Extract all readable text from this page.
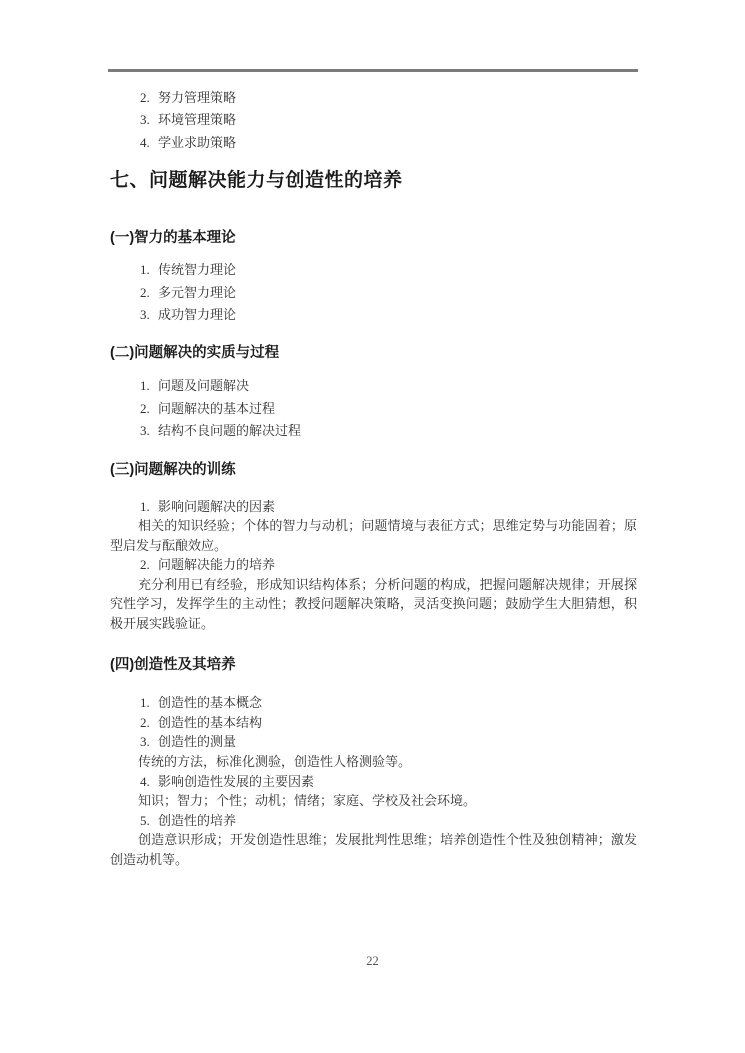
2. 努力管理策略
3. 环境管理策略
4. 学业求助策略
七、问题解决能力与创造性的培养
(一)智力的基本理论
1. 传统智力理论
2. 多元智力理论
3. 成功智力理论
(二)问题解决的实质与过程
1. 问题及问题解决
2. 问题解决的基本过程
3. 结构不良问题的解决过程
(三)问题解决的训练
1. 影响问题解决的因素

相关的知识经验；个体的智力与动机；问题情境与表征方式；思维定势与功能固着；原型启发与酝酿效应。

2. 问题解决能力的培养

充分利用已有经验，形成知识结构体系；分析问题的构成，把握问题解决规律；开展探究性学习，发挥学生的主动性；教授问题解决策略，灵活变换问题；鼓励学生大胆猜想，积极开展实践验证。

(四)创造性及其培养
1. 创造性的基本概念
2. 创造性的基本结构
3. 创造性的测量

传统的方法，标准化测验，创造性人格测验等。

4. 影响创造性发展的主要因素

知识；智力；个性；动机；情绪；家庭、学校及社会环境。

5. 创造性的培养

创造意识形成；开发创造性思维；发展批判性思维；培养创造性个性及独创精神；激发创造动机等。

22
